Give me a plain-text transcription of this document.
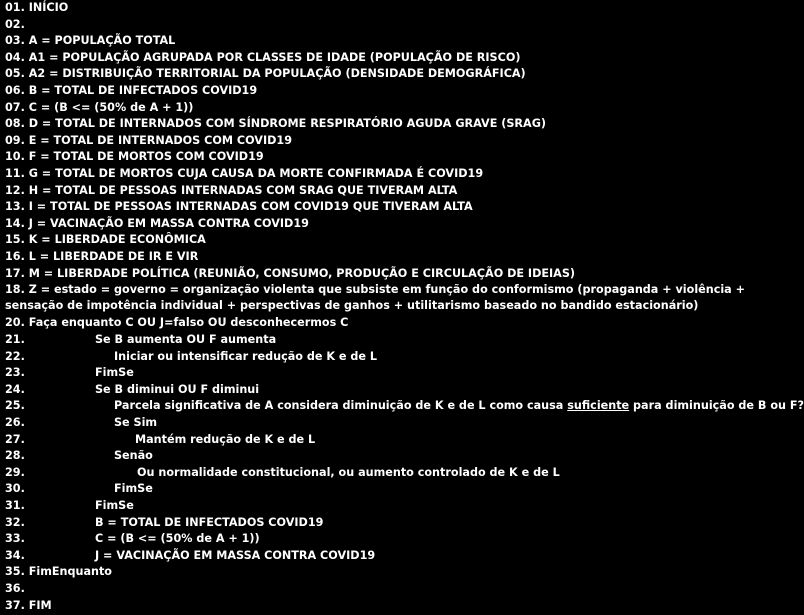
01. INÍCIO
02.
03. A = POPULAÇÃO TOTAL
04. A1 = POPULAÇÃO AGRUPADA POR CLASSES DE IDADE (POPULAÇÃO DE RISCO)
05. A2 = DISTRIBUIÇÃO TERRITORIAL DA POPULAÇÃO (DENSIDADE DEMOGRÁFICA)
06. B = TOTAL DE INFECTADOS COVID19
07. C = (B <= (50% de A + 1))
08. D = TOTAL DE INTERNADOS COM SÍNDROME RESPIRATÓRIO AGUDA GRAVE (SRAG)
09. E = TOTAL DE INTERNADOS COM COVID19
10. F = TOTAL DE MORTOS COM COVID19
11. G = TOTAL DE MORTOS CUJA CAUSA DA MORTE CONFIRMADA É COVID19
12. H = TOTAL DE PESSOAS INTERNADAS COM SRAG QUE TIVERAM ALTA
13. I = TOTAL DE PESSOAS INTERNADAS COM COVID19 QUE TIVERAM ALTA
14. J = VACINAÇÃO EM MASSA CONTRA COVID19
15. K = LIBERDADE ECONÔMICA
16. L = LIBERDADE DE IR E VIR
17. M = LIBERDADE POLÍTICA (REUNIÃO, CONSUMO, PRODUÇÃO E CIRCULAÇÃO DE IDEIAS)
18. Z = estado = governo = organização violenta que subsiste em função do conformismo (propaganda + violência + sensação de impotência individual + perspectivas de ganhos + utilitarismo baseado no bandido estacionário)
20. Faça enquanto C OU J=falso OU desconhecermos C
21.	Se B aumenta OU F aumenta
22.	Iniciar ou intensificar redução de K e de L
23.	FimSe
24.	Se B diminui OU F diminui
25.	Parcela significativa de A considera diminuição de K e de L como causa suficiente para diminuição de B ou F?
26.	Se Sim
27.	Mantém redução de K e de L
28.	Senão
29.	Ou normalidade constitucional, ou aumento controlado de K e de L
30.	FimSe
31.	FimSe
32.	B = TOTAL DE INFECTADOS COVID19
33.	C = (B <= (50% de A + 1))
34.	J = VACINAÇÃO EM MASSA CONTRA COVID19
35. FimEnquanto
36.
37. FIM
